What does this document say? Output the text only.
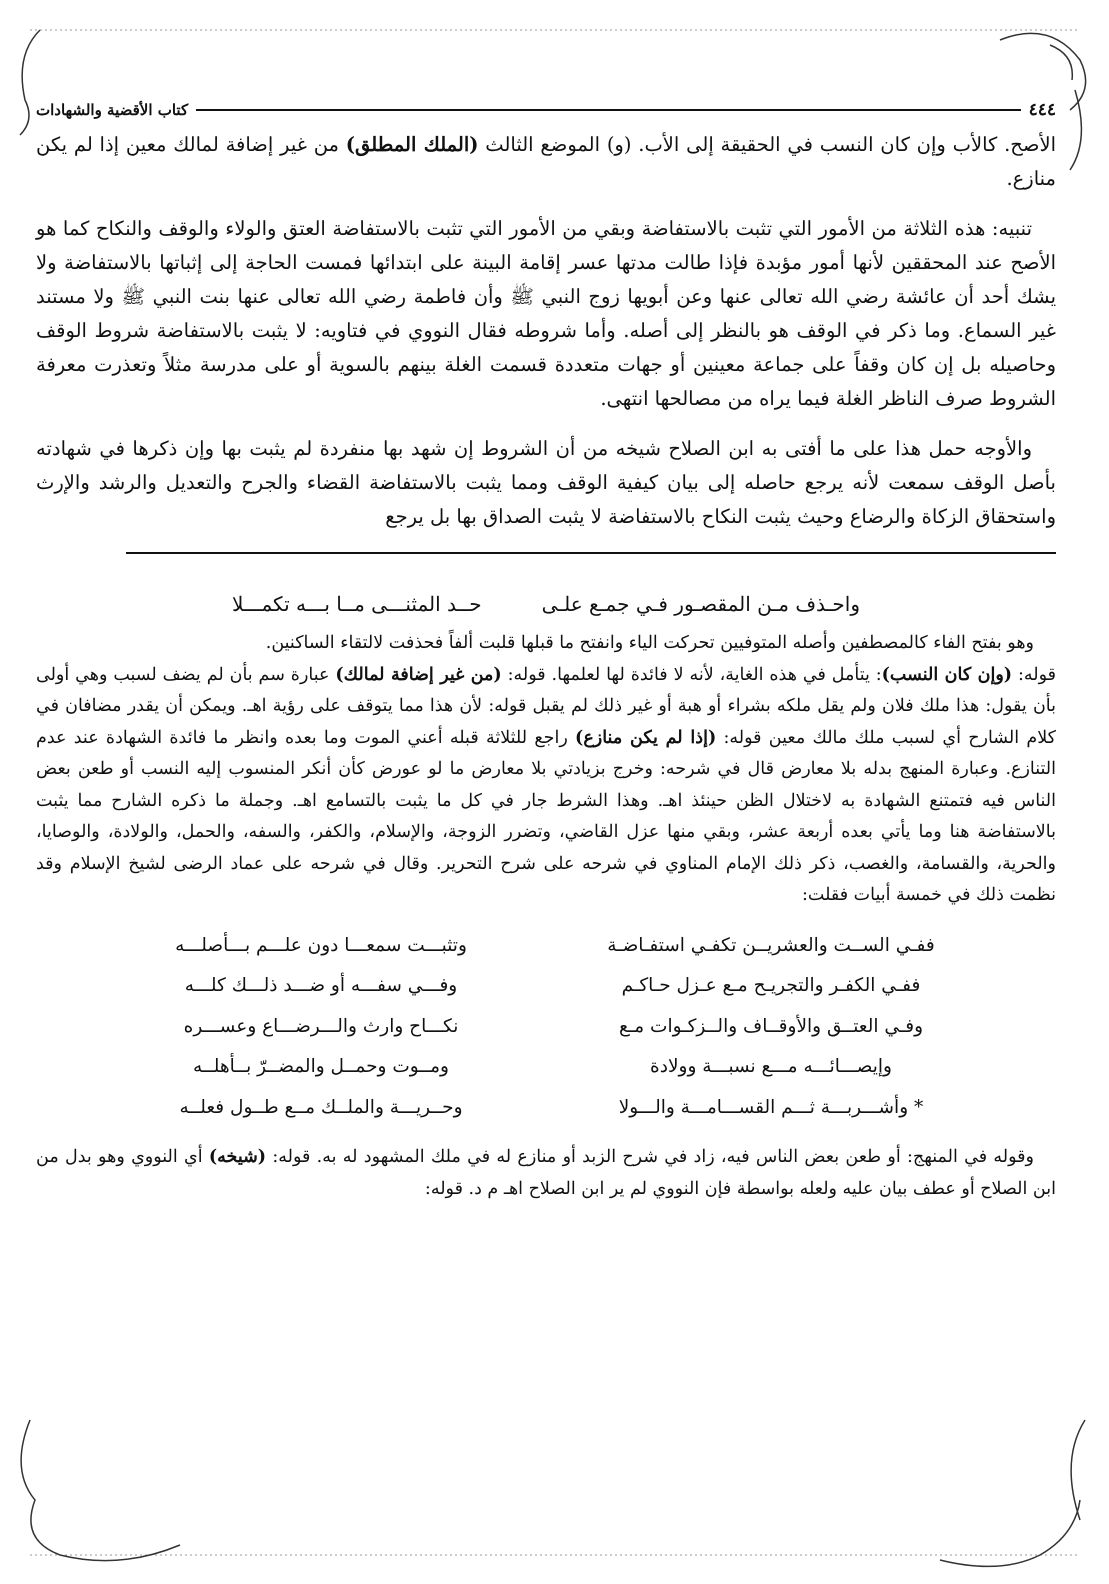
٤٤٤
كتاب الأقضية والشهادات

الأصح. كالأب وإن كان النسب في الحقيقة إلى الأب. (و) الموضع الثالث (الملك المطلق) من غير إضافة لمالك معين إذا لم يكن منازع.

تنبيه: هذه الثلاثة من الأمور التي تثبت بالاستفاضة وبقي من الأمور التي تثبت بالاستفاضة العتق والولاء والوقف والنكاح كما هو الأصح عند المحققين لأنها أمور مؤبدة فإذا طالت مدتها عسر إقامة البينة على ابتدائها فمست الحاجة إلى إثباتها بالاستفاضة ولا يشك أحد أن عائشة رضي الله تعالى عنها وعن أبويها زوج النبي ﷺ وأن فاطمة رضي الله تعالى عنها بنت النبي ﷺ ولا مستند غير السماع. وما ذكر في الوقف هو بالنظر إلى أصله. وأما شروطه فقال النووي في فتاويه: لا يثبت بالاستفاضة شروط الوقف وحاصيله بل إن كان وقفاً على جماعة معينين أو جهات متعددة قسمت الغلة بينهم بالسوية أو على مدرسة مثلاً وتعذرت معرفة الشروط صرف الناظر الغلة فيما يراه من مصالحها انتهى.

والأوجه حمل هذا على ما أفتى به ابن الصلاح شيخه من أن الشروط إن شهد بها منفردة لم يثبت بها وإن ذكرها في شهادته بأصل الوقف سمعت لأنه يرجع حاصله إلى بيان كيفية الوقف ومما يثبت بالاستفاضة القضاء والجرح والتعديل والرشد والإرث واستحقاق الزكاة والرضاع وحيث يثبت النكاح بالاستفاضة لا يثبت الصداق بها بل يرجع

واحـذف مـن المقصـور فـي جمـع علـىحــد المثنـــى مــا بـــه تكمـــلا

وهو بفتح الفاء كالمصطفين وأصله المتوفيين تحركت الياء وانفتح ما قبلها قلبت ألفاً فحذفت لالتقاء الساكنين.

قوله: (وإن كان النسب): يتأمل في هذه الغاية، لأنه لا فائدة لها لعلمها. قوله: (من غير إضافة لمالك) عبارة سم بأن لم يضف لسبب وهي أولى بأن يقول: هذا ملك فلان ولم يقل ملكه بشراء أو هبة أو غير ذلك لم يقبل قوله: لأن هذا مما يتوقف على رؤية اهـ. ويمكن أن يقدر مضافان في كلام الشارح أي لسبب ملك مالك معين قوله: (إذا لم يكن منازع) راجع للثلاثة قبله أعني الموت وما بعده وانظر ما فائدة الشهادة عند عدم التنازع. وعبارة المنهج بدله بلا معارض قال في شرحه: وخرج بزيادتي بلا معارض ما لو عورض كأن أنكر المنسوب إليه النسب أو طعن بعض الناس فيه فتمتنع الشهادة به لاختلال الظن حينئذ اهـ. وهذا الشرط جار في كل ما يثبت بالتسامع اهـ. وجملة ما ذكره الشارح مما يثبت بالاستفاضة هنا وما يأتي بعده أربعة عشر، وبقي منها عزل القاضي، وتضرر الزوجة، والإسلام، والكفر، والسفه، والحمل، والولادة، والوصايا، والحرية، والقسامة، والغصب، ذكر ذلك الإمام المناوي في شرحه على شرح التحرير. وقال في شرحه على عماد الرضى لشيخ الإسلام وقد نظمت ذلك في خمسة أبيات فقلت:

ففـي الســت والعشريــن تكفـي استفـاضـة
وتثبـــت سمعـــا دون علـــم بـــأصلـــه
ففـي الكفـر والتجريـح مـع عـزل حـاكـم
وفـــي سفـــه أو ضـــد ذلـــك كلـــه
وفـي العتــق والأوقــاف والــزكـوات مـع
نكـــاح وارث والـــرضـــاع وعســـره
وإيصـــائـــه مـــع نسبـــة وولادة
ومــوت وحمــل والمضــرّ بــأهلــه
* وأشـــربـــة ثـــم القســـامـــة والـــولا
وحــريـــة والملــك مــع طــول فعلــه

وقوله في المنهج: أو طعن بعض الناس فيه، زاد في شرح الزبد أو منازع له في ملك المشهود له به. قوله: (شيخه) أي النووي وهو بدل من ابن الصلاح أو عطف بيان عليه ولعله بواسطة فإن النووي لم ير ابن الصلاح اهـ م د. قوله:
